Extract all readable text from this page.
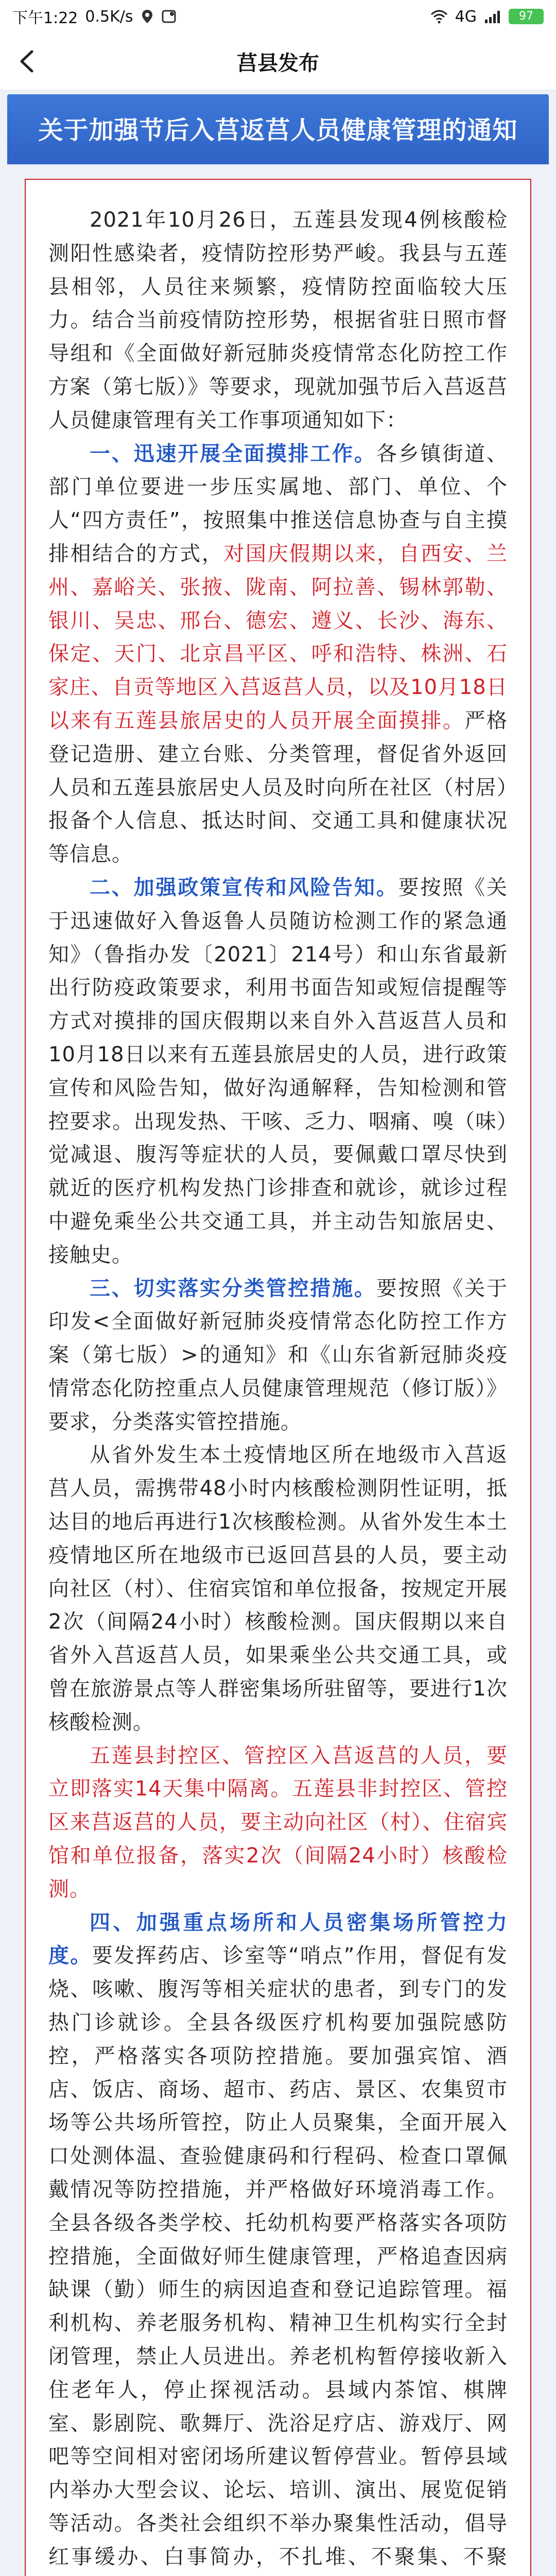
下午1:22 0.5K/s	4G	97
莒县发布
关于加强节后入莒返莒人员健康管理的通知

2021年10月26日，五莲县发现4例核酸检测阳性感染者，疫情防控形势严峻。我县与五莲县相邻，人员往来频繁，疫情防控面临较大压力。结合当前疫情防控形势，根据省驻日照市督导组和《全面做好新冠肺炎疫情常态化防控工作方案（第七版）》等要求，现就加强节后入莒返莒人员健康管理有关工作事项通知如下：

一、迅速开展全面摸排工作。各乡镇街道、部门单位要进一步压实属地、部门、单位、个人“四方责任”，按照集中推送信息协查与自主摸排相结合的方式，对国庆假期以来，自西安、兰州、嘉峪关、张掖、陇南、阿拉善、锡林郭勒、银川、吴忠、邢台、德宏、遵义、长沙、海东、保定、天门、北京昌平区、呼和浩特、株洲、石家庄、自贡等地区入莒返莒人员，以及10月18日以来有五莲县旅居史的人员开展全面摸排。严格登记造册、建立台账、分类管理，督促省外返回人员和五莲县旅居史人员及时向所在社区（村居）报备个人信息、抵达时间、交通工具和健康状况等信息。

二、加强政策宣传和风险告知。要按照《关于迅速做好入鲁返鲁人员随访检测工作的紧急通知》（鲁指办发〔2021〕214号）和山东省最新出行防疫政策要求，利用书面告知或短信提醒等方式对摸排的国庆假期以来自外入莒返莒人员和10月18日以来有五莲县旅居史的人员，进行政策宣传和风险告知，做好沟通解释，告知检测和管控要求。出现发热、干咳、乏力、咽痛、嗅（味）觉减退、腹泻等症状的人员，要佩戴口罩尽快到就近的医疗机构发热门诊排查和就诊，就诊过程中避免乘坐公共交通工具，并主动告知旅居史、接触史。

三、切实落实分类管控措施。要按照《关于印发<全面做好新冠肺炎疫情常态化防控工作方案（第七版）>的通知》和《山东省新冠肺炎疫情常态化防控重点人员健康管理规范（修订版）》要求，分类落实管控措施。

从省外发生本土疫情地区所在地级市入莒返莒人员，需携带48小时内核酸检测阴性证明，抵达目的地后再进行1次核酸检测。从省外发生本土疫情地区所在地级市已返回莒县的人员，要主动向社区（村）、住宿宾馆和单位报备，按规定开展2次（间隔24小时）核酸检测。国庆假期以来自省外入莒返莒人员，如果乘坐公共交通工具，或曾在旅游景点等人群密集场所驻留等，要进行1次核酸检测。

五莲县封控区、管控区入莒返莒的人员，要立即落实14天集中隔离。五莲县非封控区、管控区来莒返莒的人员，要主动向社区（村）、住宿宾馆和单位报备，落实2次（间隔24小时）核酸检测。

四、加强重点场所和人员密集场所管控力度。要发挥药店、诊室等“哨点”作用，督促有发烧、咳嗽、腹泻等相关症状的患者，到专门的发热门诊就诊。全县各级医疗机构要加强院感防控，严格落实各项防控措施。要加强宾馆、酒店、饭店、商场、超市、药店、景区、农集贸市场等公共场所管控，防止人员聚集，全面开展入口处测体温、查验健康码和行程码、检查口罩佩戴情况等防控措施，并严格做好环境消毒工作。全县各级各类学校、托幼机构要严格落实各项防控措施，全面做好师生健康管理，严格追查因病缺课（勤）师生的病因追查和登记追踪管理。福利机构、养老服务机构、精神卫生机构实行全封闭管理，禁止人员进出。养老机构暂停接收新入住老年人，停止探视活动。县域内茶馆、棋牌室、影剧院、歌舞厅、洗浴足疗店、游戏厅、网吧等空间相对密闭场所建议暂停营业。暂停县域内举办大型会议、论坛、培训、演出、展览促销等活动。各类社会组织不举办聚集性活动，倡导红事缓办、白事简办，不扎堆、不聚集、不聚
